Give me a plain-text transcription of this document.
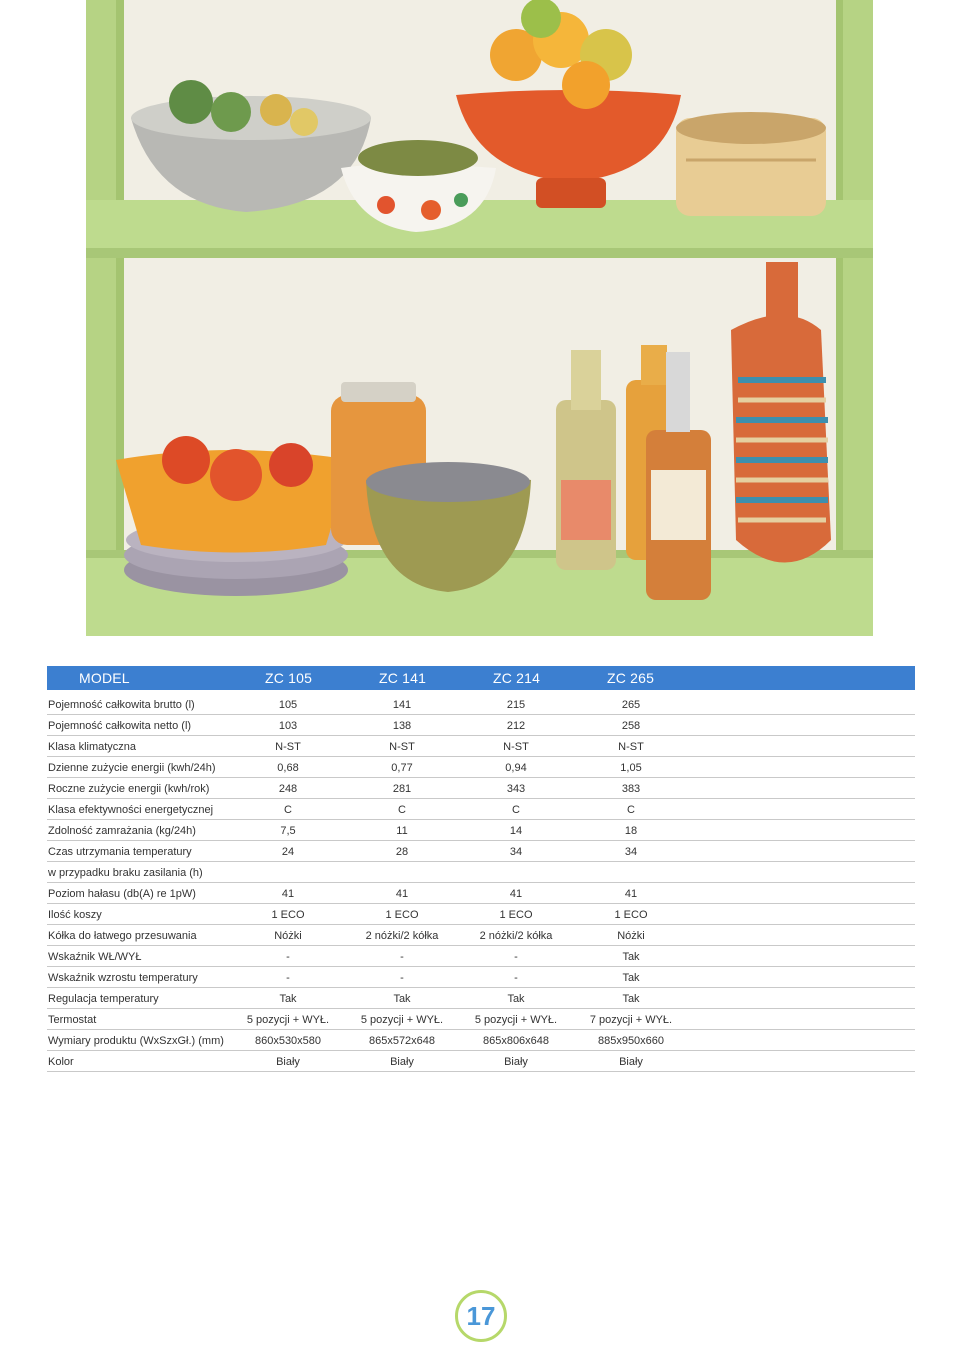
MODEL	ZC 105	ZC 141	ZC 214	ZC 265
Pojemność całkowita brutto (l)	105	141	215	265
Pojemność całkowita netto (l)	103	138	212	258
Klasa klimatyczna	N-ST	N-ST	N-ST	N-ST
Dzienne zużycie energii (kwh/24h)	0,68	0,77	0,94	1,05
Roczne zużycie energii (kwh/rok)	248	281	343	383
Klasa efektywności energetycznej	C	C	C	C
Zdolność zamrażania (kg/24h)	7,5	11	14	18
Czas utrzymania temperatury	24	28	34	34
w przypadku braku zasilania (h)
Poziom hałasu (db(A) re 1pW)	41	41	41	41
Ilość koszy	1 ECO	1 ECO	1 ECO	1 ECO
Kółka do łatwego przesuwania	Nóżki	2 nóżki/2 kółka	2 nóżki/2 kółka	Nóżki
Wskaźnik WŁ/WYŁ	-	-	-	Tak
Wskaźnik wzrostu temperatury	-	-	-	Tak
Regulacja temperatury	Tak	Tak	Tak	Tak
Termostat	5 pozycji + WYŁ.	5 pozycji + WYŁ.	5 pozycji + WYŁ.	7 pozycji + WYŁ.
Wymiary produktu (WxSzxGł.) (mm)	860x530x580	865x572x648	865x806x648	885x950x660
Kolor	Biały	Biały	Biały	Biały
17
